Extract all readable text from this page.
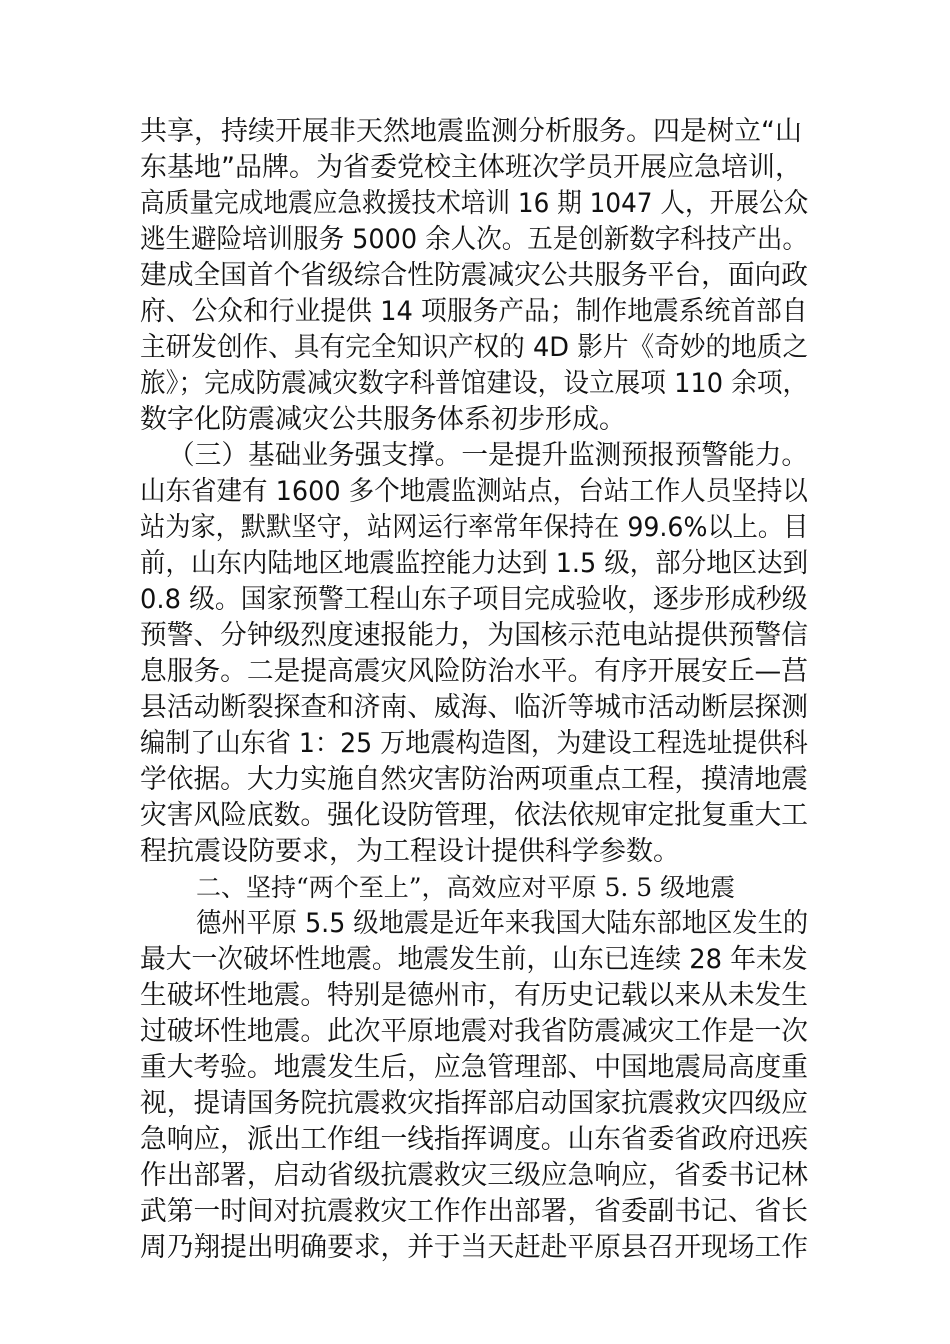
共享，持续开展非天然地震监测分析服务。四是树立“山
东基地”品牌。为省委党校主体班次学员开展应急培训，
高质量完成地震应急救援技术培训 16 期 1047 人，开展公众
逃生避险培训服务 5000 余人次。五是创新数字科技产出。
建成全国首个省级综合性防震减灾公共服务平台，面向政
府、公众和行业提供 14 项服务产品；制作地震系统首部自
主研发创作、具有完全知识产权的 4D 影片《奇妙的地质之
旅》；完成防震减灾数字科普馆建设，设立展项 110 余项，
数字化防震减灾公共服务体系初步形成。
（三）基础业务强支撑。一是提升监测预报预警能力。
山东省建有 1600 多个地震监测站点，台站工作人员坚持以
站为家，默默坚守，站网运行率常年保持在 99.6%以上。目
前，山东内陆地区地震监控能力达到 1.5 级，部分地区达到
0.8 级。国家预警工程山东子项目完成验收，逐步形成秒级
预警、分钟级烈度速报能力，为国核示范电站提供预警信
息服务。二是提高震灾风险防治水平。有序开展安丘—莒
县活动断裂探查和济南、威海、临沂等城市活动断层探测
编制了山东省 1：25 万地震构造图，为建设工程选址提供科
学依据。大力实施自然灾害防治两项重点工程，摸清地震
灾害风险底数。强化设防管理，依法依规审定批复重大工
程抗震设防要求，为工程设计提供科学参数。
二、坚持“两个至上”，高效应对平原 5. 5 级地震
德州平原 5.5 级地震是近年来我国大陆东部地区发生的
最大一次破坏性地震。地震发生前，山东已连续 28 年未发
生破坏性地震。特别是德州市，有历史记载以来从未发生
过破坏性地震。此次平原地震对我省防震减灾工作是一次
重大考验。地震发生后，应急管理部、中国地震局高度重
视，提请国务院抗震救灾指挥部启动国家抗震救灾四级应
急响应，派出工作组一线指挥调度。山东省委省政府迅疾
作出部署，启动省级抗震救灾三级应急响应，省委书记林
武第一时间对抗震救灾工作作出部署，省委副书记、省长
周乃翔提出明确要求，并于当天赶赴平原县召开现场工作
